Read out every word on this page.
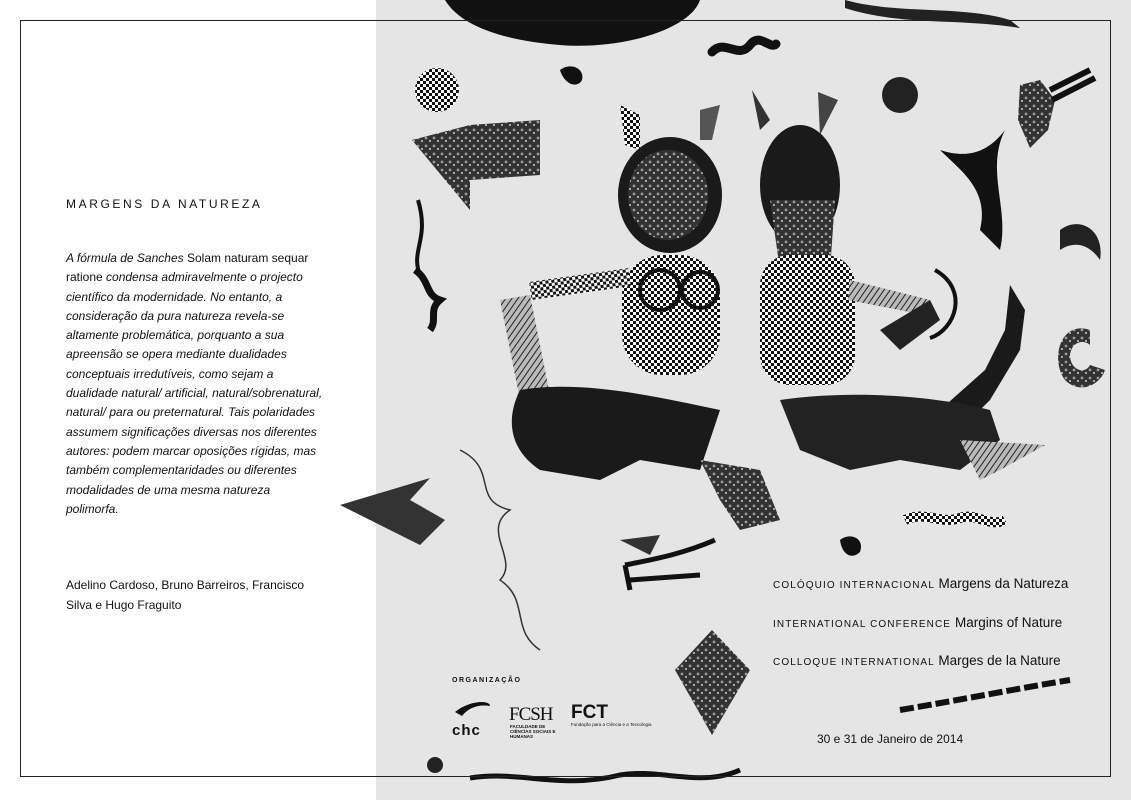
MARGENS DA NATUREZA

A fórmula de Sanches Solam naturam sequar ratione condensa admiravelmente o projecto científico da modernidade. No entanto, a consideração da pura natureza revela-se altamente problemática, porquanto a sua apreensão se opera mediante dualidades conceptuais irredutíveis, como sejam a dualidade natural/ artificial, natural/sobrenatural, natural/ para ou preternatural. Tais polaridades assumem significações diversas nos diferentes autores: podem marcar oposições rígidas, mas também complementaridades ou diferentes modalidades de uma mesma natureza polimorfa.

Adelino Cardoso, Bruno Barreiros, Francisco Silva e Hugo Fraguito

COLÓQUIO INTERNACIONAL Margens da Natureza
INTERNATIONAL CONFERENCE Margins of Nature
COLLOQUE INTERNATIONAL Marges de la Nature
30 e 31 de Janeiro de 2014
ORGANIZAÇÃO
chc
FCSH
FACULDADE DE CIÊNCIAS SOCIAIS E HUMANAS
FCT
Fundação para a Ciência e a Tecnologia
